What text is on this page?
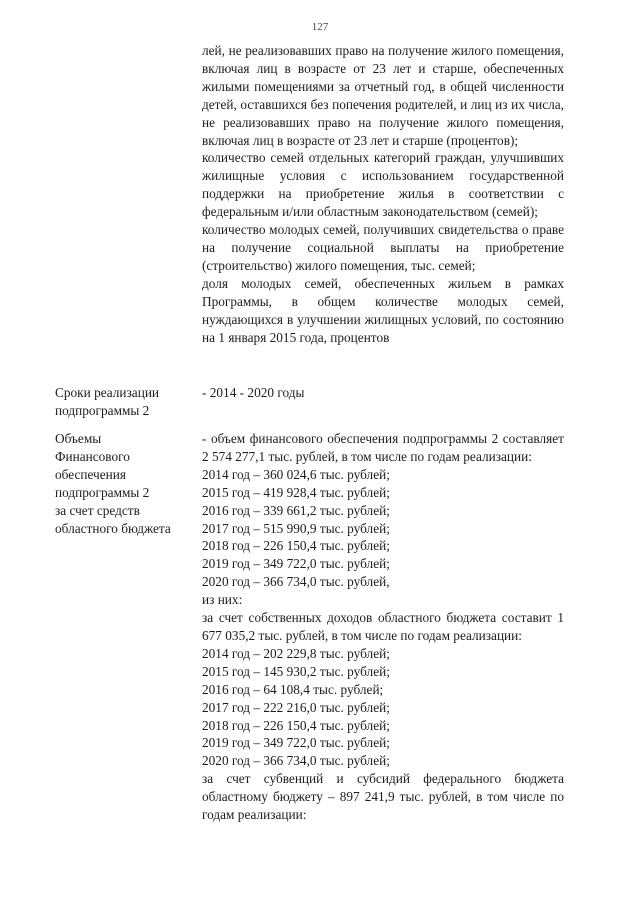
127

лей, не реализовавших право на получение жилого помещения, включая лиц в возрасте от 23 лет и старше, обеспеченных жилыми помещениями за отчетный год, в общей численности детей, оставшихся без попечения родителей, и лиц из их числа, не реализовавших право на получение жилого помещения, включая лиц в возрасте от 23 лет и старше (процентов);

количество семей отдельных категорий граждан, улучшивших жилищные условия с использованием государственной поддержки на приобретение жилья в соответствии с федеральным и/или областным законодательством (семей);

количество молодых семей, получивших свидетельства о праве на получение социальной выплаты на приобретение (строительство) жилого помещения, тыс. семей;

доля молодых семей, обеспеченных жильем в рамках Программы, в общем количестве молодых семей, нуждающихся в улучшении жилищных условий, по состоянию на 1 января 2015 года, процентов

Сроки реализации

подпрограммы 2

- 2014 - 2020 годы

Объемы

Финансового

обеспечения

подпрограммы 2

за счет средств

областного бюджета

- объем финансового обеспечения подпрограммы 2 составляет 2 574 277,1 тыс. рублей, в том числе по годам реализации:

2014 год – 360 024,6 тыс. рублей;

2015 год – 419 928,4 тыс. рублей;

2016 год – 339 661,2 тыс. рублей;

2017 год – 515 990,9 тыс. рублей;

2018 год – 226 150,4 тыс. рублей;

2019 год – 349 722,0 тыс. рублей;

2020 год – 366 734,0 тыс. рублей,

из них:

за счет собственных доходов областного бюджета составит 1 677 035,2 тыс. рублей, в том числе по годам реализации:

2014 год – 202 229,8 тыс. рублей;

2015 год – 145 930,2 тыс. рублей;

2016 год – 64 108,4 тыс. рублей;

2017 год – 222 216,0 тыс. рублей;

2018 год – 226 150,4 тыс. рублей;

2019 год – 349 722,0 тыс. рублей;

2020 год – 366 734,0 тыс. рублей;

за счет субвенций и субсидий федерального бюджета областному бюджету – 897 241,9 тыс. рублей, в том числе по годам реализации:
